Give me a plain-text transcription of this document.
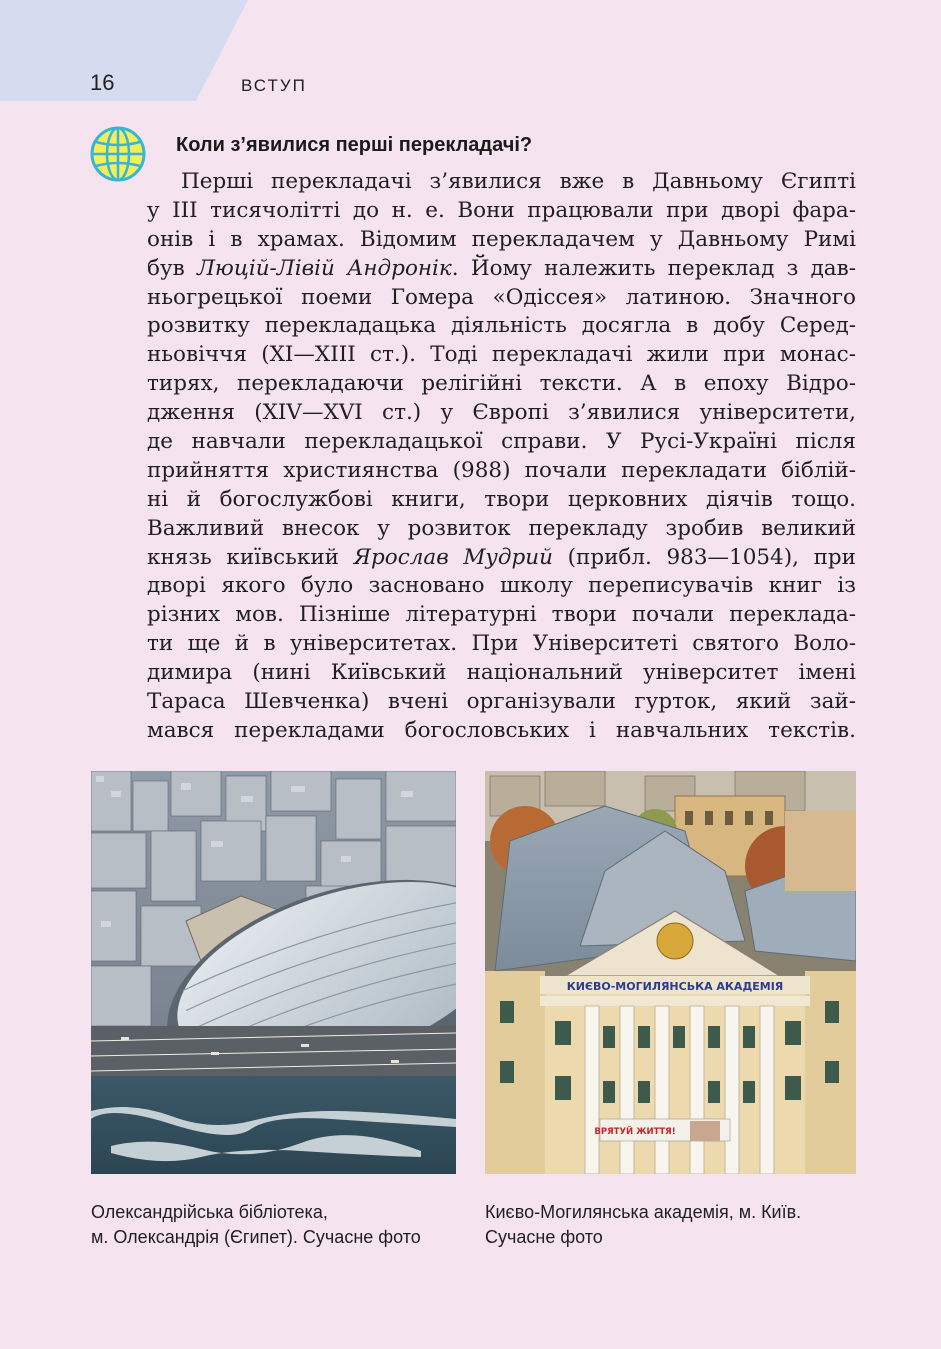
16	ВСТУП
Коли з’явилися перші перекладачі?
Перші перекладачі з’явилися вже в Давньому Єгипті
у III тисячолітті до н. е. Вони працювали при дворі фара-
онів і в храмах. Відомим перекладачем у Давньому Римі
був Люцій-Лівій Андронік. Йому належить переклад з дав-
ньогрецької поеми Гомера «Одіссея» латиною. Значного
розвитку перекладацька діяльність досягла в добу Серед-
ньовіччя (XI—XIII ст.). Тоді перекладачі жили при монас-
тирях, перекладаючи релігійні тексти. А в епоху Відро-
дження (XIV—XVI ст.) у Європі з’явилися університети,
де навчали перекладацької справи. У Русі-Україні після
прийняття християнства (988) почали перекладати біблій-
ні й богослужбові книги, твори церковних діячів тощо.
Важливий внесок у розвиток перекладу зробив великий
князь київський Ярослав Мудрий (прибл. 983—1054), при
дворі якого було засновано школу переписувачів книг із
різних мов. Пізніше літературні твори почали переклада-
ти ще й в університетах. При Університеті святого Воло-
димира (нині Київський національний університет імені
Тараса Шевченка) вчені організували гурток, який зай-
мався перекладами богословських і навчальних текстів.
КИЄВО-МОГИЛЯНСЬКА АКАДЕМІЯ
ВРЯТУЙ ЖИТТЯ!
Олександрійська бібліотека,
м. Олександрія (Єгипет). Сучасне фото
Києво-Могилянська академія, м. Київ.
Сучасне фото
